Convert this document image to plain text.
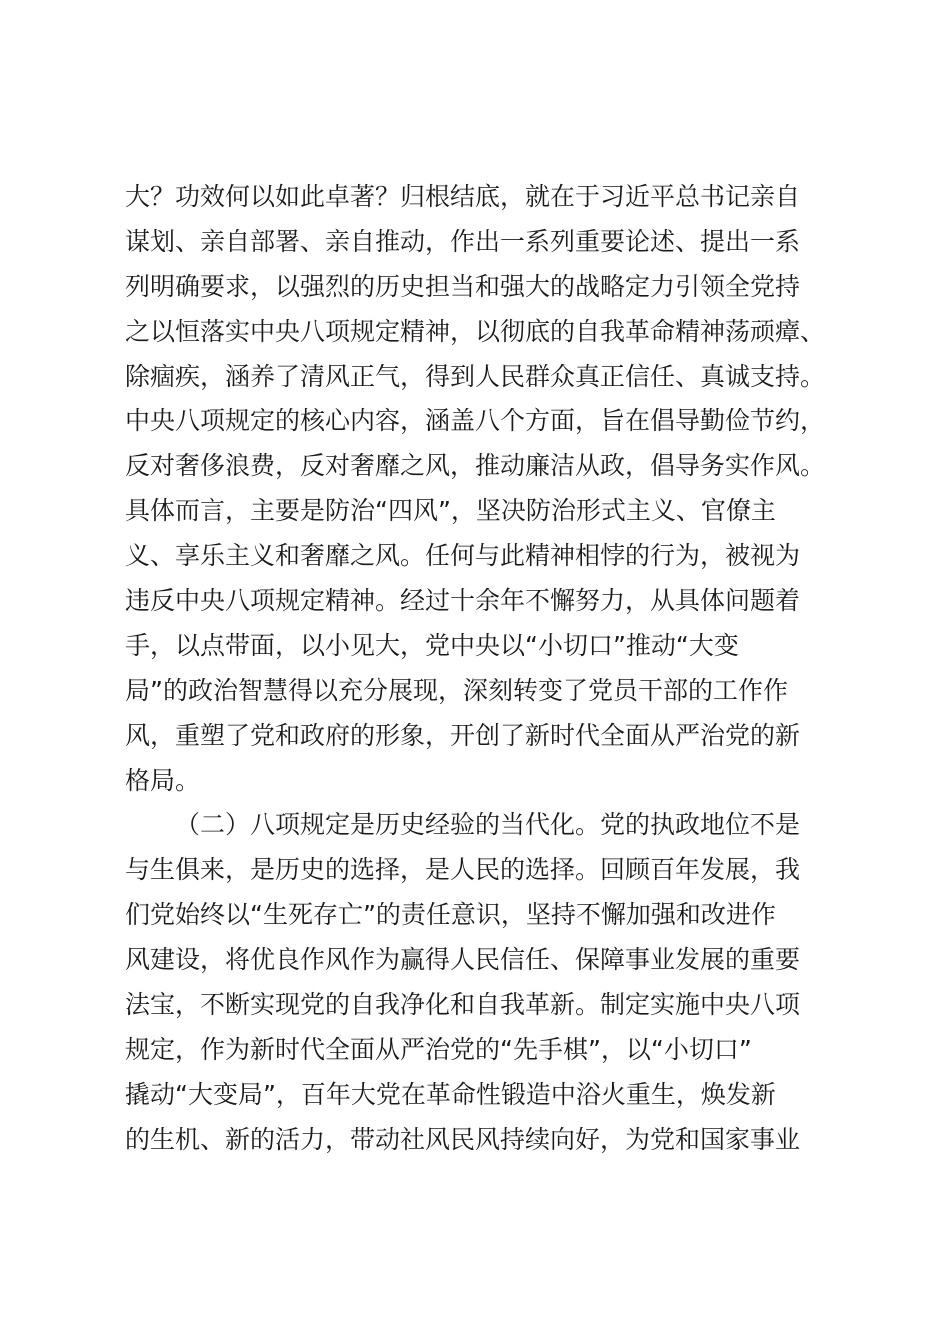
大？功效何以如此卓著？归根结底，就在于习近平总书记亲自
谋划、亲自部署、亲自推动，作出一系列重要论述、提出一系
列明确要求，以强烈的历史担当和强大的战略定力引领全党持
之以恒落实中央八项规定精神，以彻底的自我革命精神荡顽瘴、
除痼疾，涵养了清风正气，得到人民群众真正信任、真诚支持。
中央八项规定的核心内容，涵盖八个方面，旨在倡导勤俭节约，
反对奢侈浪费，反对奢靡之风，推动廉洁从政，倡导务实作风。
具体而言，主要是防治“四风”，坚决防治形式主义、官僚主
义、享乐主义和奢靡之风。任何与此精神相悖的行为，被视为
违反中央八项规定精神。经过十余年不懈努力，从具体问题着
手，以点带面，以小见大，党中央以“小切口”推动“大变
局”的政治智慧得以充分展现，深刻转变了党员干部的工作作
风，重塑了党和政府的形象，开创了新时代全面从严治党的新
格局。
（二）八项规定是历史经验的当代化。党的执政地位不是
与生俱来，是历史的选择，是人民的选择。回顾百年发展，我
们党始终以“生死存亡”的责任意识，坚持不懈加强和改进作
风建设，将优良作风作为赢得人民信任、保障事业发展的重要
法宝，不断实现党的自我净化和自我革新。制定实施中央八项
规定，作为新时代全面从严治党的“先手棋”，以“小切口”
撬动“大变局”，百年大党在革命性锻造中浴火重生，焕发新
的生机、新的活力，带动社风民风持续向好，为党和国家事业
